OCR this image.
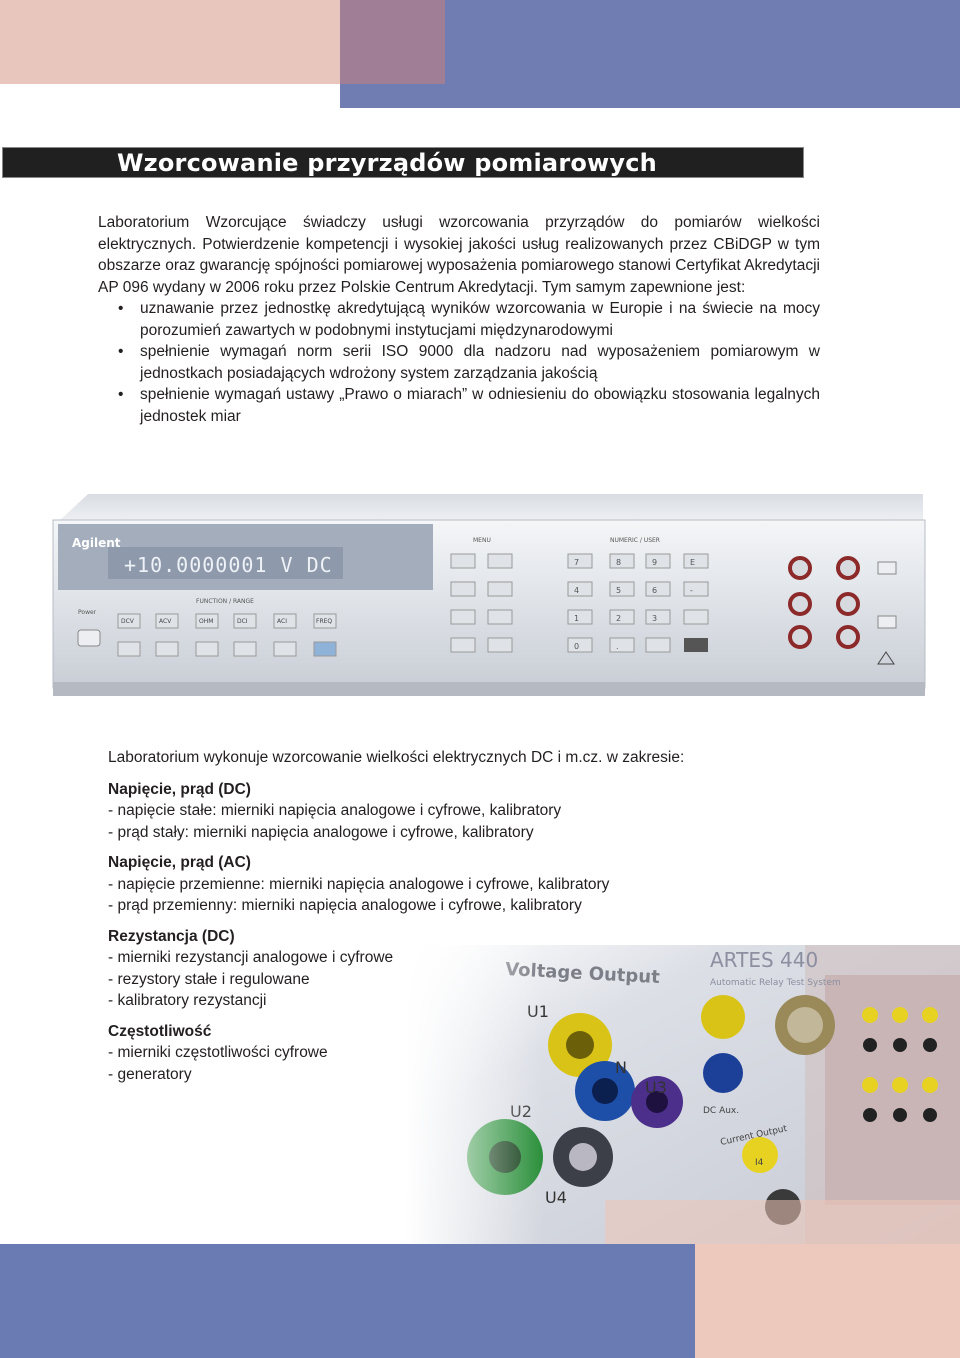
Wzorcowanie przyrządów pomiarowych

Laboratorium Wzorcujące świadczy usługi wzorcowania przyrządów do pomiarów wielkości elektrycznych. Potwierdzenie kompetencji i wysokiej jakości usług realizowanych przez CBiDGP w tym obszarze oraz gwarancję spójności pomiarowej wyposażenia pomiarowego stanowi Certyfikat Akredytacji AP 096 wydany w 2006 roku przez Polskie Centrum Akredytacji. Tym samym zapewnione jest:

• uznawanie przez jednostkę akredytującą wyników wzorcowania w Europie i na świecie na mocy porozumień zawartych w podobnymi instytucjami międzynarodowymi
• spełnienie wymagań norm serii ISO 9000 dla nadzoru nad wyposażeniem pomiarowym w jednostkach posiadających wdrożony system zarządzania jakością
• spełnienie wymagań ustawy „Prawo o miarach” w odniesieniu do obowiązku stosowania legalnych jednostek miar
Agilent
+10.0000001 V DC
FUNCTION / RANGE
DCV	ACV	OHM	DCI	ACI	FREQ
Power
MENU	NUMERIC / USER
7	8	9	E
4	5	6	-
1	2	3
0	.

Laboratorium wykonuje wzorcowanie wielkości elektrycznych DC i m.cz. w zakresie:

Napięcie, prąd (DC)

- napięcie stałe: mierniki napięcia analogowe i cyfrowe, kalibratory

- prąd stały: mierniki napięcia analogowe i cyfrowe, kalibratory

Napięcie, prąd (AC)

- napięcie przemienne: mierniki napięcia analogowe i cyfrowe, kalibratory

- prąd przemienny: mierniki napięcia analogowe i cyfrowe, kalibratory

Rezystancja (DC)

- mierniki rezystancji analogowe i cyfrowe

- rezystory stałe i regulowane

- kalibratory rezystancji

Częstotliwość

- mierniki częstotliwości cyfrowe

- generatory
